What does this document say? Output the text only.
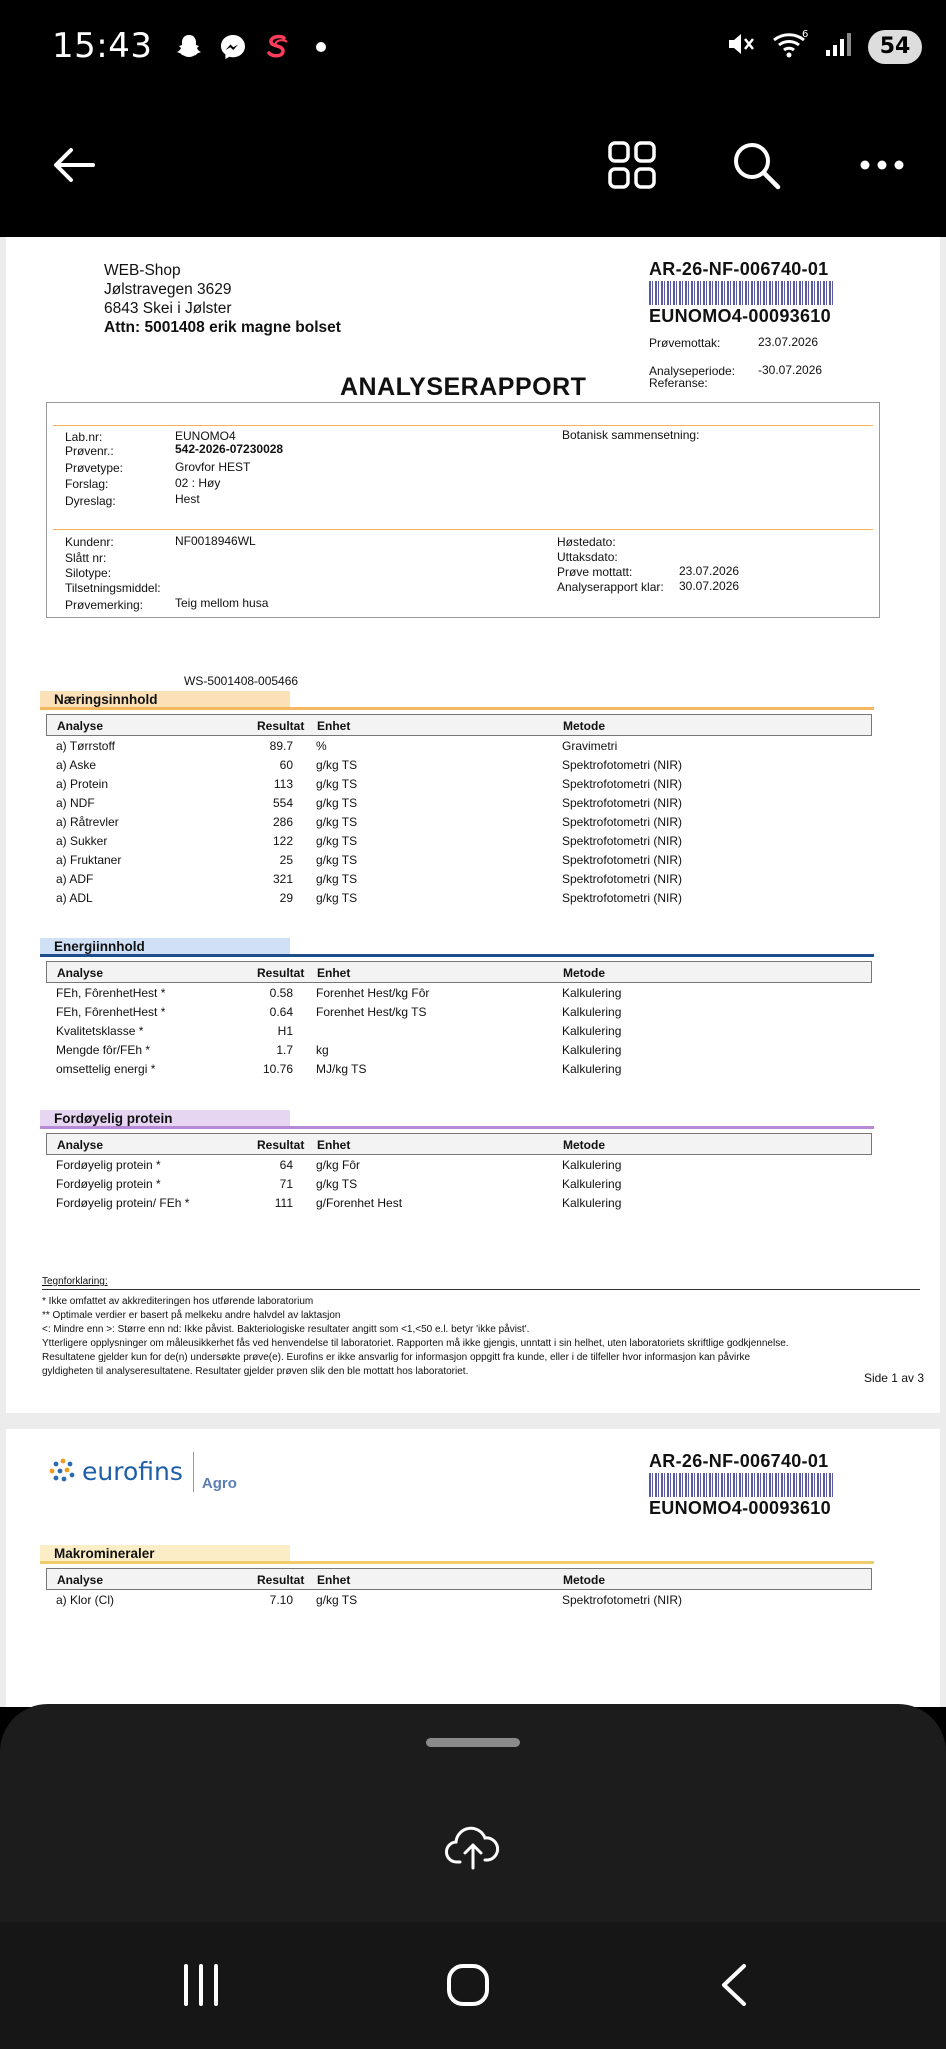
15:43	6	54
WEB-Shop
Jølstravegen 3629
6843 Skei i Jølster
Attn: 5001408 erik magne bolset
AR-26-NF-006740-01
EUNOMO4-00093610
Prøvemottak:	23.07.2026
Analyseperiode: -30.07.2026
Referanse:
ANALYSERAPPORT
Lab.nr:	EUNOMO4
Prøvenr.:	542-2026-07230028
Prøvetype:	Grovfor HEST
Forslag:	02 : Høy
Dyreslag:	Hest
Botanisk sammensetning:
Kundenr:	NF0018946WL
Slått nr:
Silotype:
Tilsetningsmiddel:
Prøvemerking:	Teig mellom husa
Høstedato:
Uttaksdato:
Prøve mottatt:	23.07.2026
Analyserapport klar: 30.07.2026
WS-5001408-005466
Næringsinnhold
Analyse	Resultat Enhet	Metode
a) Tørrstoff	89.7 %	Gravimetri
a) Aske	60 g/kg TS	Spektrofotometri (NIR)
a) Protein	113 g/kg TS	Spektrofotometri (NIR)
a) NDF	554 g/kg TS	Spektrofotometri (NIR)
a) Råtrevler	286 g/kg TS	Spektrofotometri (NIR)
a) Sukker	122 g/kg TS	Spektrofotometri (NIR)
a) Fruktaner	25 g/kg TS	Spektrofotometri (NIR)
a) ADF	321 g/kg TS	Spektrofotometri (NIR)
a) ADL	29 g/kg TS	Spektrofotometri (NIR)
Energiinnhold
Analyse	Resultat Enhet	Metode
FEh, FôrenhetHest *	0.58 Forenhet Hest/kg Fôr	Kalkulering
FEh, FôrenhetHest *	0.64 Forenhet Hest/kg TS	Kalkulering
Kvalitetsklasse *	H1	Kalkulering
Mengde fôr/FEh *	1.7 kg	Kalkulering
omsettelig energi *	10.76 MJ/kg TS	Kalkulering
Fordøyelig protein
Analyse	Resultat Enhet	Metode
Fordøyelig protein *	64 g/kg Fôr	Kalkulering
Fordøyelig protein *	71 g/kg TS	Kalkulering
Fordøyelig protein/ FEh *	111 g/Forenhet Hest	Kalkulering
Tegnforklaring:
* Ikke omfattet av akkrediteringen hos utførende laboratorium
** Optimale verdier er basert på melkeku andre halvdel av laktasjon
<: Mindre enn >: Større enn nd: Ikke påvist. Bakteriologiske resultater angitt som <1,<50 e.l. betyr 'ikke påvist'.
Ytterligere opplysninger om måleusikkerhet fås ved henvendelse til laboratoriet. Rapporten må ikke gjengis, unntatt i sin helhet, uten laboratoriets skriftlige godkjennelse.
Resultatene gjelder kun for de(n) undersøkte prøve(e). Eurofins er ikke ansvarlig for informasjon oppgitt fra kunde, eller i de tilfeller hvor informasjon kan påvirke
gyldigheten til analyseresultatene. Resultater gjelder prøven slik den ble mottatt hos laboratoriet.	Side 1 av 3
eurofins Agro
AR-26-NF-006740-01
EUNOMO4-00093610
Makromineraler
Analyse	Resultat Enhet	Metode
a) Klor (Cl)	7.10 g/kg TS	Spektrofotometri (NIR)
